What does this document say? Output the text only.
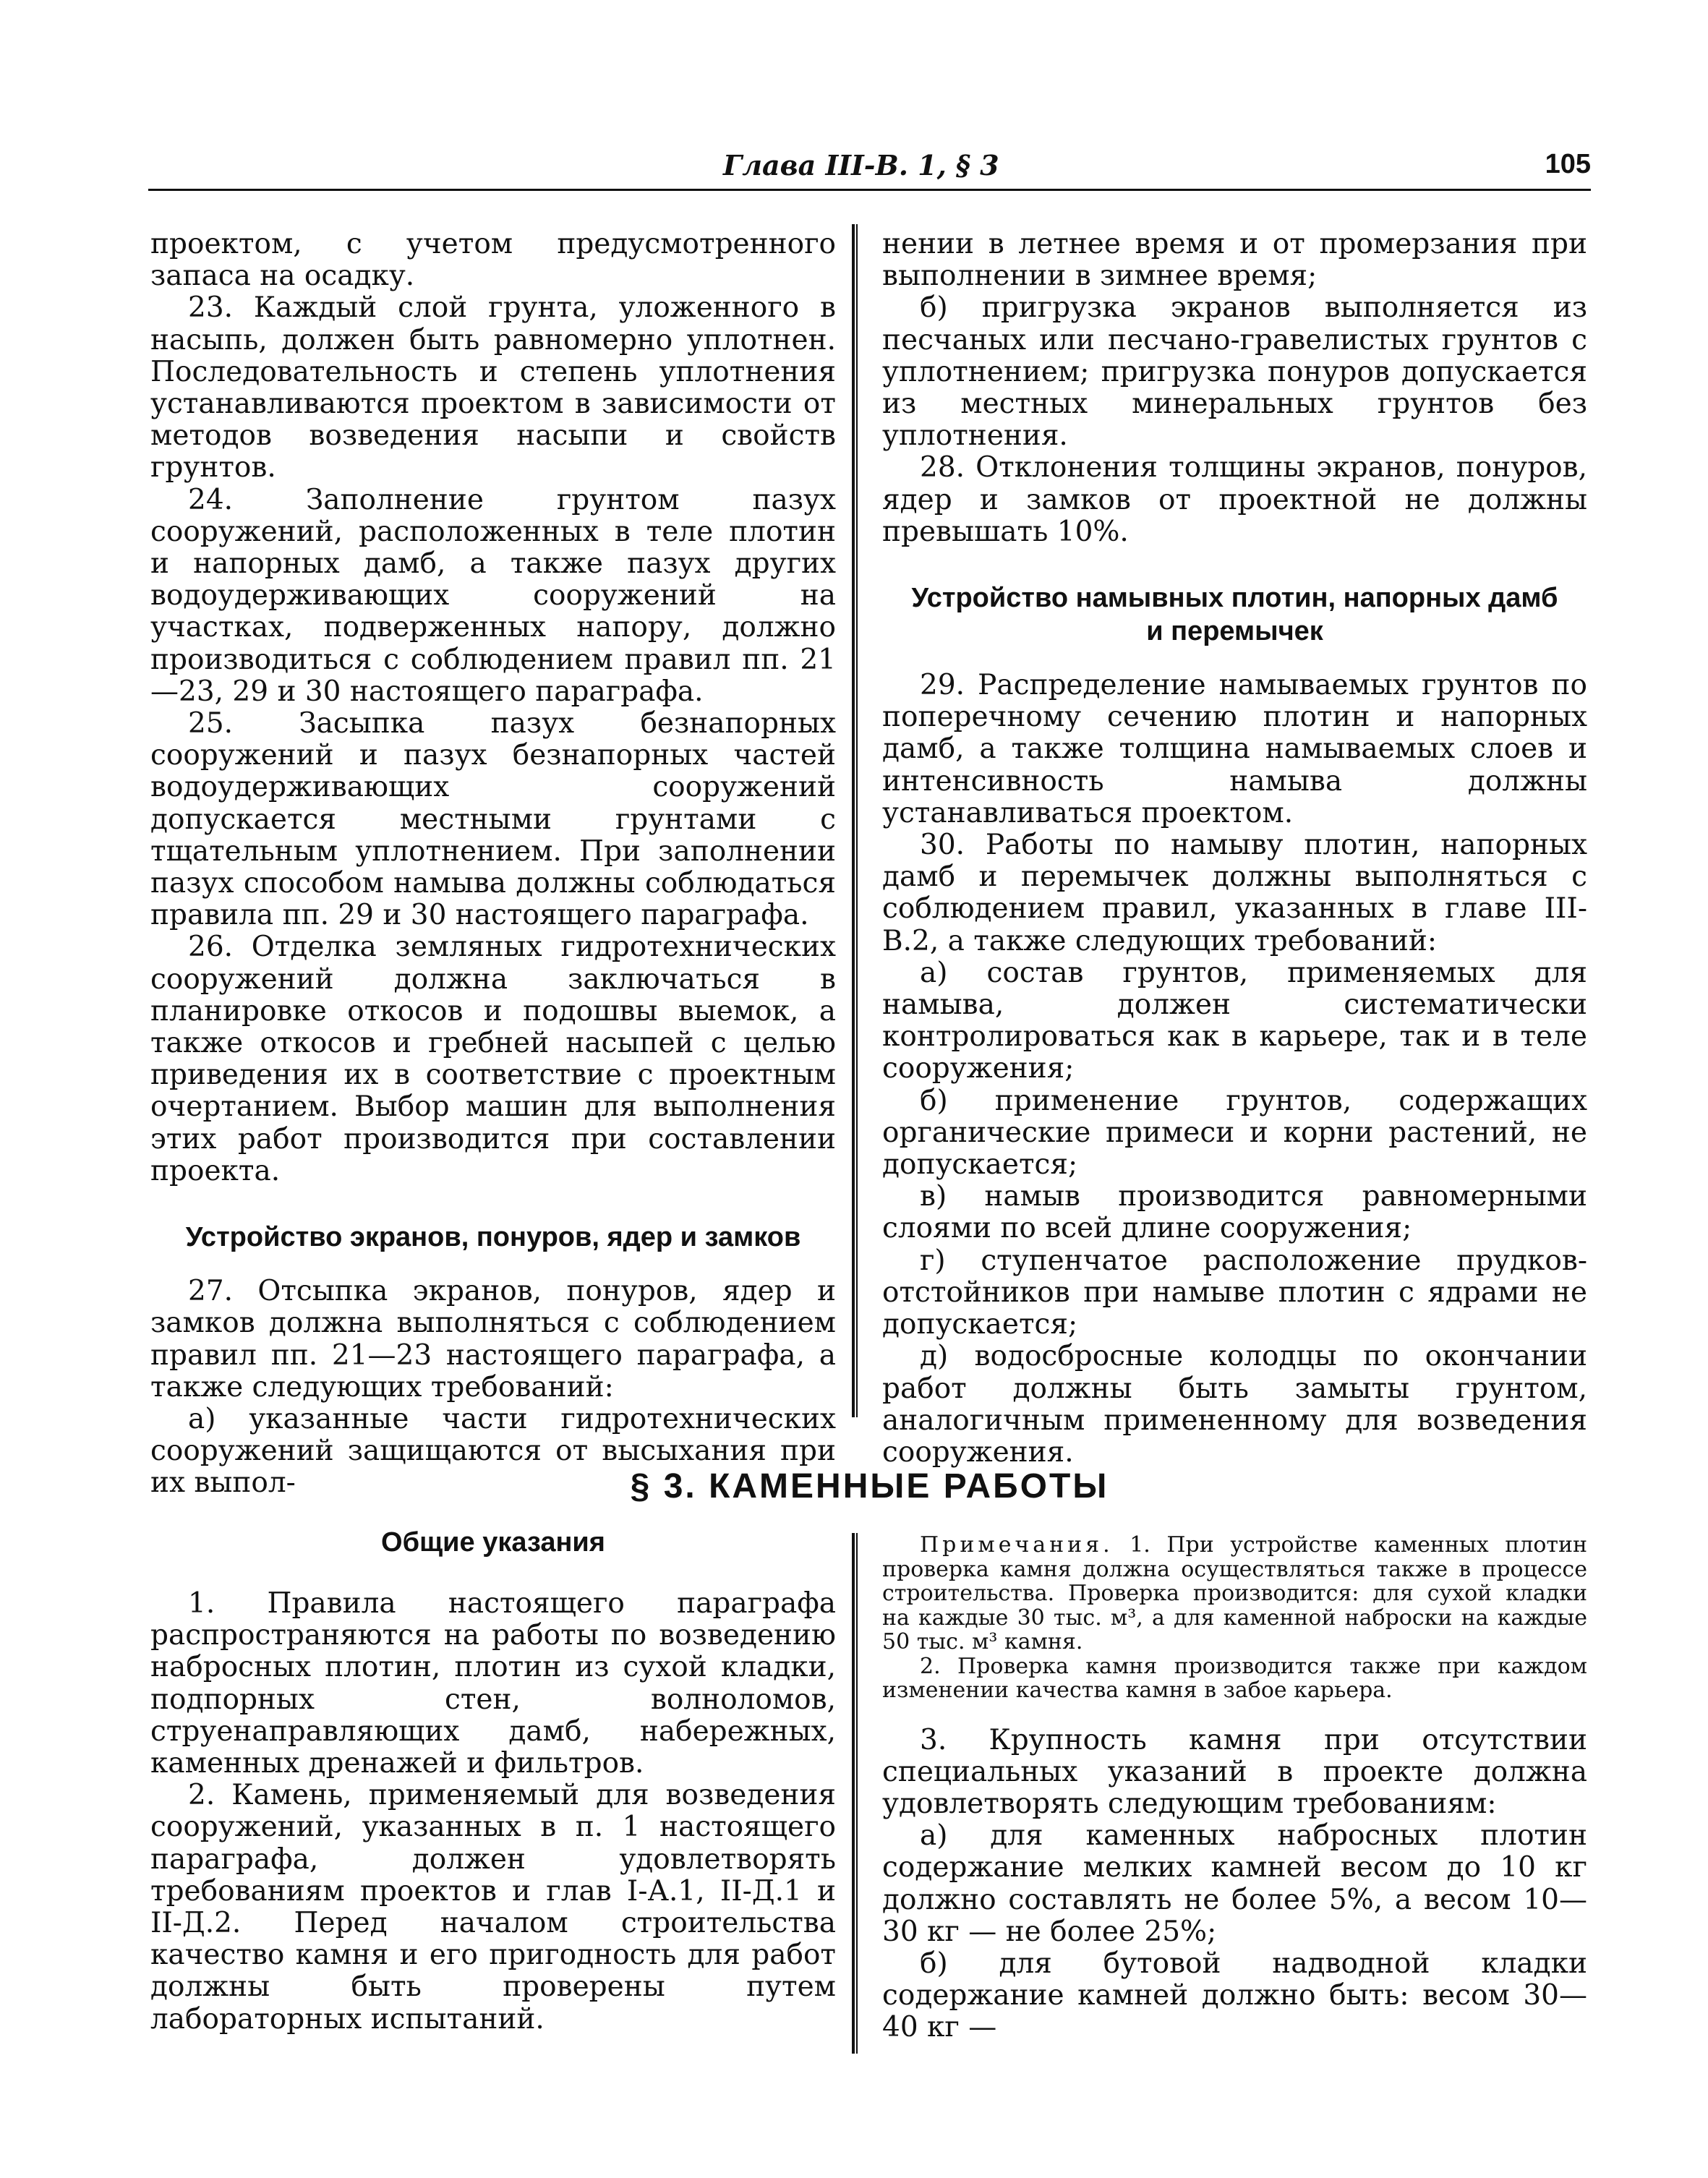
Глава III-В. 1, § 3	105

проектом, с учетом предусмотренного запаса на осадку.

23. Каждый слой грунта, уложенного в насыпь, должен быть равномерно уплотнен. Последовательность и степень уплотнения устанавливаются проектом в зависимости от методов возведения насыпи и свойств грунтов.

24. Заполнение грунтом пазух сооружений, расположенных в теле плотин и напорных дамб, а также пазух других водоудерживающих сооружений на участках, подверженных напору, должно производиться с соблюдением правил пп. 21—23, 29 и 30 настоящего параграфа.

25. Засыпка пазух безнапорных сооружений и пазух безнапорных частей водоудерживающих сооружений допускается местными грунтами с тщательным уплотнением. При заполнении пазух способом намыва должны соблюдаться правила пп. 29 и 30 настоящего параграфа.

26. Отделка земляных гидротехнических сооружений должна заключаться в планировке откосов и подошвы выемок, а также откосов и гребней насыпей с целью приведения их в соответствие с проектным очертанием. Выбор машин для выполнения этих работ производится при составлении проекта.

Устройство экранов, понуров, ядер и замков

27. Отсыпка экранов, понуров, ядер и замков должна выполняться с соблюдением правил пп. 21—23 настоящего параграфа, а также следующих требований:

а) указанные части гидротехнических сооружений защищаются от высыхания при их выпол-

нении в летнее время и от промерзания при выполнении в зимнее время;

б) пригрузка экранов выполняется из песчаных или песчано-гравелистых грунтов с уплотнением; пригрузка понуров допускается из местных минеральных грунтов без уплотнения.

28. Отклонения толщины экранов, понуров, ядер и замков от проектной не должны превышать 10%.

Устройство намывных плотин, напорных дамб

и перемычек

29. Распределение намываемых грунтов по поперечному сечению плотин и напорных дамб, а также толщина намываемых слоев и интенсивность намыва должны устанавливаться проектом.

30. Работы по намыву плотин, напорных дамб и перемычек должны выполняться с соблюдением правил, указанных в главе III-В.2, а также следующих требований:

а) состав грунтов, применяемых для намыва, должен систематически контролироваться как в карьере, так и в теле сооружения;

б) применение грунтов, содержащих органические примеси и корни растений, не допускается;

в) намыв производится равномерными слоями по всей длине сооружения;

г) ступенчатое расположение прудков-отстойников при намыве плотин с ядрами не допускается;

д) водосбросные колодцы по окончании работ должны быть замыты грунтом, аналогичным примененному для возведения сооружения.

§ 3. КАМЕННЫЕ РАБОТЫ

Общие указания

1. Правила настоящего параграфа распространяются на работы по возведению набросных плотин, плотин из сухой кладки, подпорных стен, волноломов, струенаправляющих дамб, набережных, каменных дренажей и фильтров.

2. Камень, применяемый для возведения сооружений, указанных в п. 1 настоящего параграфа, должен удовлетворять требованиям проектов и глав I-А.1, II-Д.1 и II-Д.2. Перед началом строительства качество камня и его пригодность для работ должны быть проверены путем лабораторных испытаний.

Примечания. 1. При устройстве каменных плотин проверка камня должна осуществляться также в процессе строительства. Проверка производится: для сухой кладки на каждые 30 тыс. м³, а для каменной наброски на каждые 50 тыс. м³ камня.

2. Проверка камня производится также при каждом изменении качества камня в забое карьера.

3. Крупность камня при отсутствии специальных указаний в проекте должна удовлетворять следующим требованиям:

а) для каменных набросных плотин содержание мелких камней весом до 10 кг должно составлять не более 5%, а весом 10—30 кг — не более 25%;

б) для бутовой надводной кладки содержание камней должно быть: весом 30—40 кг —
